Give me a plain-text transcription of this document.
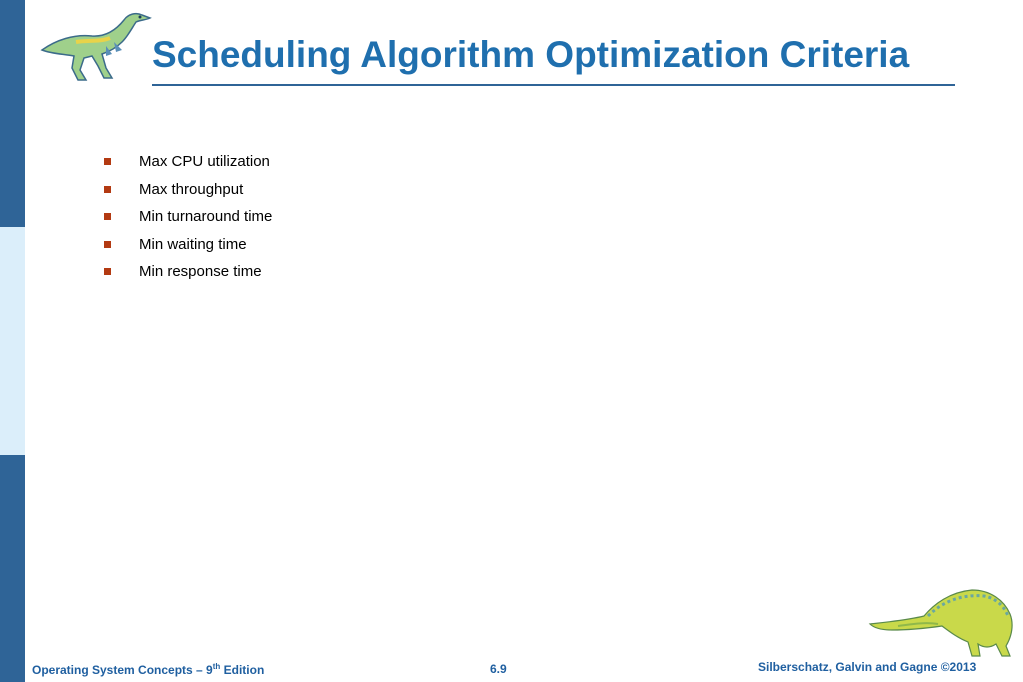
Scheduling Algorithm Optimization Criteria
Max CPU utilization
Max throughput
Min turnaround time
Min waiting time
Min response time
Operating System Concepts – 9th Edition	6.9	Silberschatz, Galvin and Gagne ©2013
